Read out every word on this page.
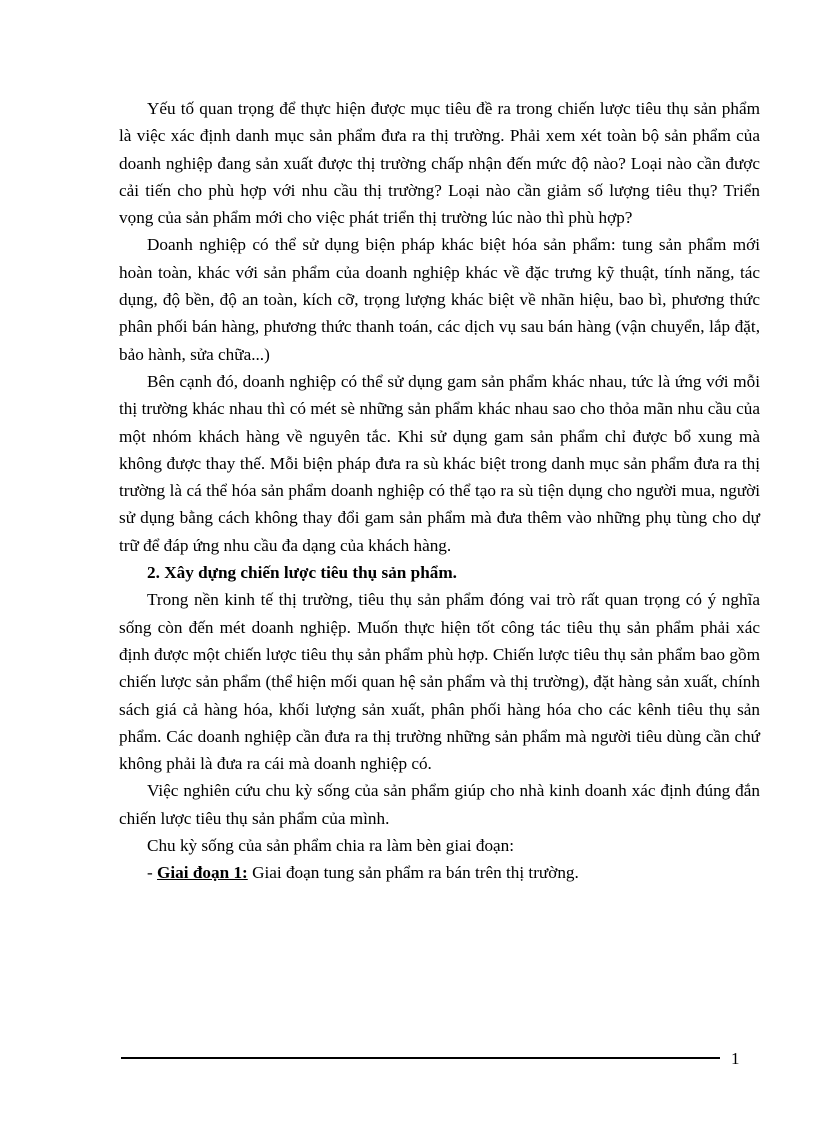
Yếu tố quan trọng để thực hiện được mục tiêu đề ra trong chiến lược tiêu thụ sản phẩm là việc xác định danh mục sản phẩm đưa ra thị trường. Phải xem xét toàn bộ sản phẩm của doanh nghiệp đang sản xuất được thị trường chấp nhận đến mức độ nào? Loại nào cần được cải tiến cho phù hợp với nhu cầu thị trường? Loại nào cần giảm số lượng tiêu thụ? Triển vọng của sản phẩm mới cho việc phát triển thị trường lúc nào thì phù hợp?

Doanh nghiệp có thể sử dụng biện pháp khác biệt hóa sản phẩm: tung sản phẩm mới hoàn toàn, khác với sản phẩm của doanh nghiệp khác về đặc trưng kỹ thuật, tính năng, tác dụng, độ bền, độ an toàn, kích cỡ, trọng lượng khác biệt về nhãn hiệu, bao bì, phương thức phân phối bán hàng, phương thức thanh toán, các dịch vụ sau bán hàng (vận chuyển, lắp đặt, bảo hành, sửa chữa...)

Bên cạnh đó, doanh nghiệp có thể sử dụng gam sản phẩm khác nhau, tức là ứng với mỗi thị trường khác nhau thì có mét sè những sản phẩm khác nhau sao cho thỏa mãn nhu cầu của một nhóm khách hàng về nguyên tắc. Khi sử dụng gam sản phẩm chỉ được bổ xung mà không được thay thế. Mỗi biện pháp đưa ra sù khác biệt trong danh mục sản phẩm đưa ra thị trường là cá thể hóa sản phẩm doanh nghiệp có thể tạo ra sù tiện dụng cho người mua, người sử dụng bằng cách không thay đổi gam sản phẩm mà đưa thêm vào những phụ tùng cho dự trữ để đáp ứng nhu cầu đa dạng của khách hàng.

2. Xây dựng chiến lược tiêu thụ sản phẩm.

Trong nền kinh tế thị trường, tiêu thụ sản phẩm đóng vai trò rất quan trọng có ý nghĩa sống còn đến mét doanh nghiệp. Muốn thực hiện tốt công tác tiêu thụ sản phẩm phải xác định được một chiến lược tiêu thụ sản phẩm phù hợp. Chiến lược tiêu thụ sản phẩm bao gồm chiến lược sản phẩm (thể hiện mối quan hệ sản phẩm và thị trường), đặt hàng sản xuất, chính sách giá cả hàng hóa, khối lượng sản xuất, phân phối hàng hóa cho các kênh tiêu thụ sản phẩm. Các doanh nghiệp cần đưa ra thị trường những sản phẩm mà người tiêu dùng cần chứ không phải là đưa ra cái mà doanh nghiệp có.

Việc nghiên cứu chu kỳ sống của sản phẩm giúp cho nhà kinh doanh xác định đúng đắn chiến lược tiêu thụ sản phẩm của mình.

Chu kỳ sống của sản phẩm chia ra làm bèn giai đoạn:

- Giai đoạn 1: Giai đoạn tung sản phẩm ra bán trên thị trường.

1
